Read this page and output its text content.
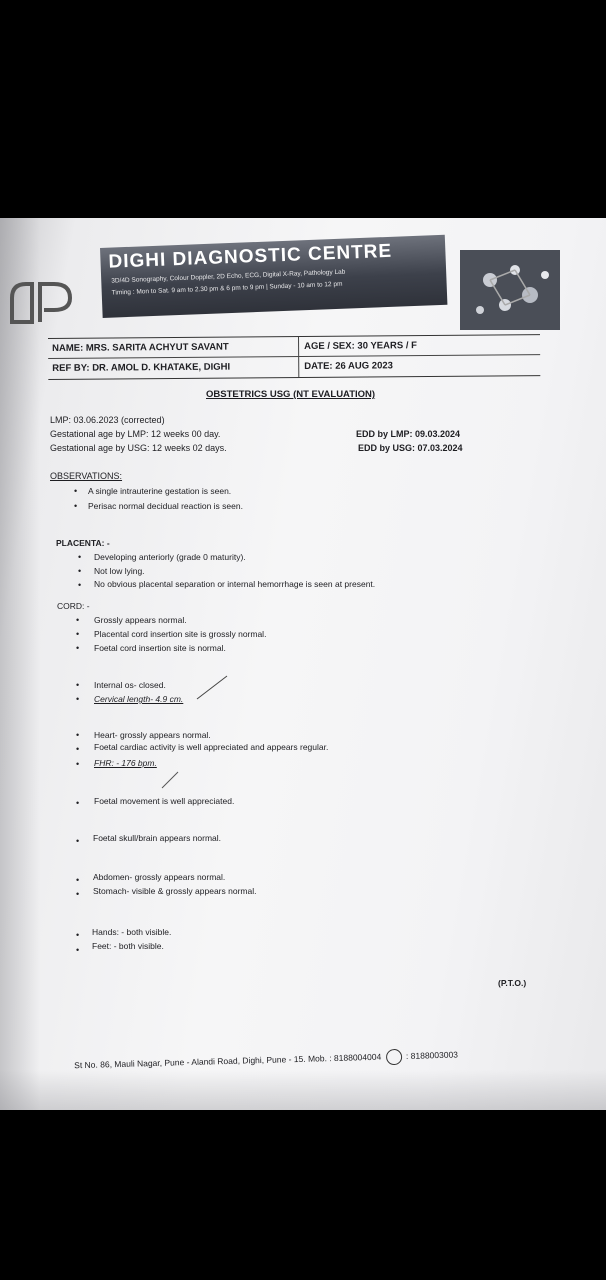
DIGHI DIAGNOSTIC CENTRE
3D/4D Sonography, Colour Doppler, 2D Echo, ECG, Digital X-Ray, Pathology Lab
Timing : Mon to Sat. 9 am to 2.30 pm & 6 pm to 9 pm | Sunday - 10 am to 12 pm
NAME: MRS. SARITA ACHYUT SAVANT	AGE / SEX: 30 YEARS / F
REF BY: DR. AMOL D. KHATAKE, DIGHI	DATE: 26 AUG 2023
OBSTETRICS USG (NT EVALUATION)
LMP: 03.06.2023 (corrected)
Gestational age by LMP: 12 weeks 00 day.
Gestational age by USG: 12 weeks 02 days.
EDD by LMP: 09.03.2024
EDD by USG: 07.03.2024
OBSERVATIONS:
• A single intrauterine gestation is seen.
• Perisac normal decidual reaction is seen.
PLACENTA: -
• Developing anteriorly (grade 0 maturity).
• Not low lying.
• No obvious placental separation or internal hemorrhage is seen at present.
CORD: -
• Grossly appears normal.
• Placental cord insertion site is grossly normal.
• Foetal cord insertion site is normal.
• Internal os- closed.
• Cervical length- 4.9 cm.
• Heart- grossly appears normal.
• Foetal cardiac activity is well appreciated and appears regular.
• FHR: - 176 bpm.
• Foetal movement is well appreciated.
• Foetal skull/brain appears normal.
• Abdomen- grossly appears normal.
• Stomach- visible & grossly appears normal.
• Hands: - both visible.
• Feet: - both visible.
(P.T.O.)
St No. 86, Mauli Nagar, Pune - Alandi Road, Dighi, Pune - 15. Mob. : 8188004004	: 8188003003
